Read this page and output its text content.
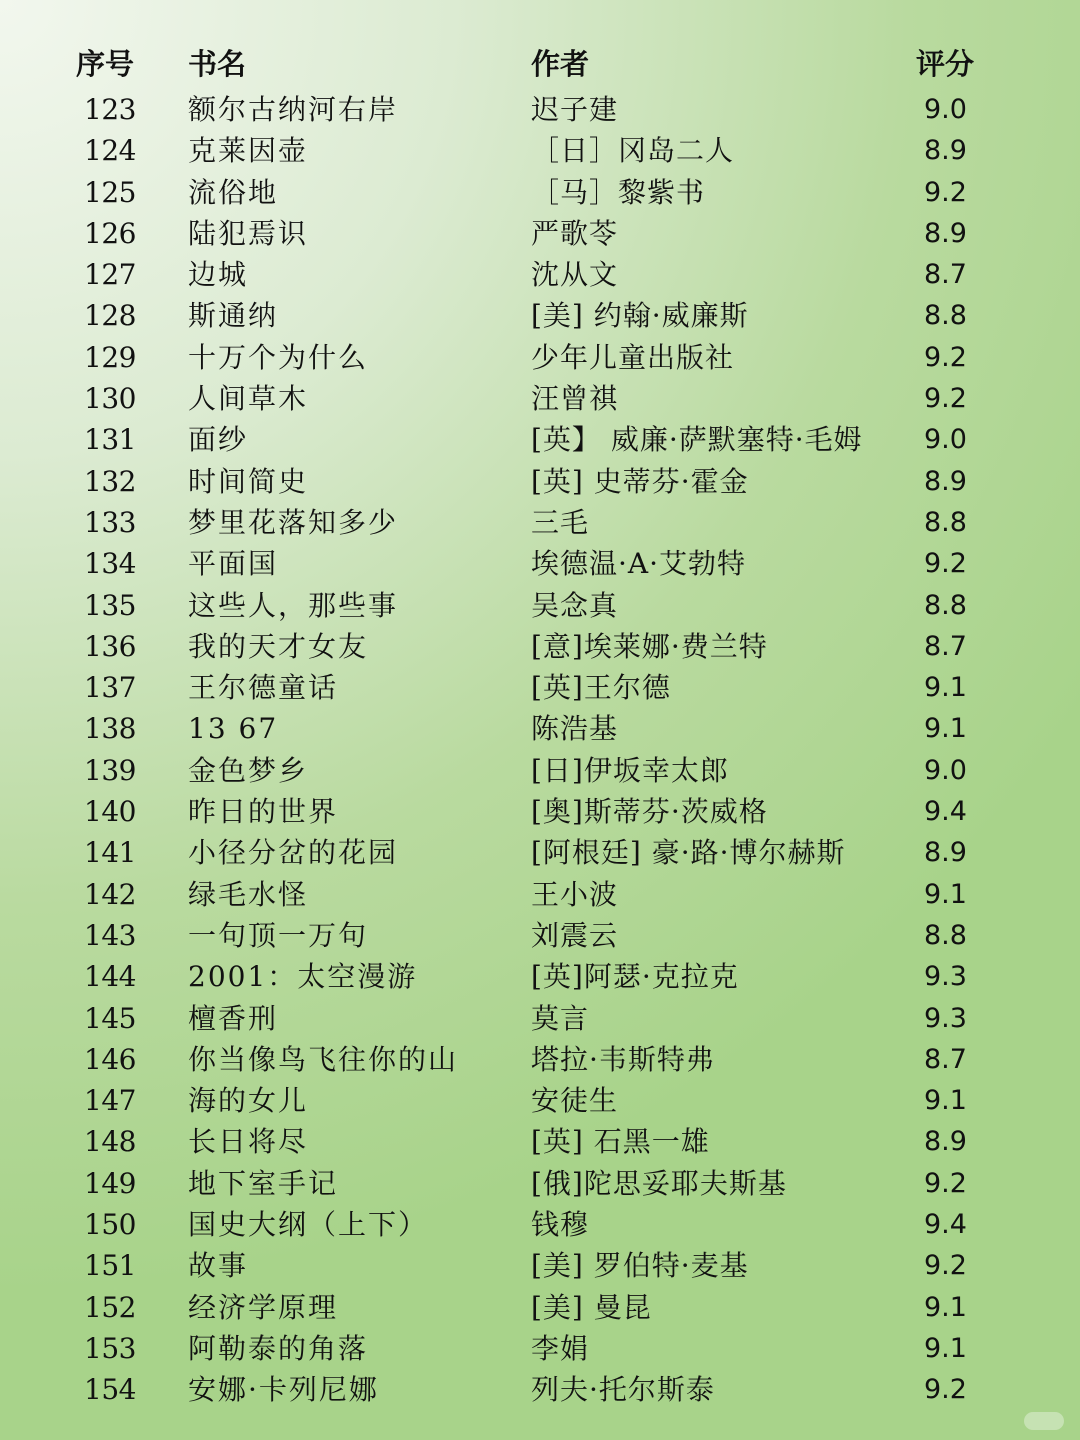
序号 书名	作者	评分
123 额尔古纳河右岸	迟子建	9.0
124 克莱因壶	［日］冈岛二人	8.9
125 流俗地	［马］黎紫书	9.2
126 陆犯焉识	严歌苓	8.9
127 边城	沈从文	8.7
128 斯通纳	[美] 约翰·威廉斯	8.8
129 十万个为什么	少年儿童出版社	9.2
130 人间草木	汪曾祺	9.2
131 面纱	[英】 威廉·萨默塞特·毛姆 9.0
132 时间简史	[英] 史蒂芬·霍金	8.9
133 梦里花落知多少	三毛	8.8
134 平面国	埃德温·A·艾勃特	9.2
135 这些人，那些事	吴念真	8.8
136 我的天才女友	[意]埃莱娜·费兰特	8.7
137 王尔德童话	[英]王尔德	9.1
138 13 67	陈浩基	9.1
139 金色梦乡	[日]伊坂幸太郎	9.0
140 昨日的世界	[奥]斯蒂芬·茨威格	9.4
141 小径分岔的花园	[阿根廷] 豪·路·博尔赫斯	8.9
142 绿毛水怪	王小波	9.1
143 一句顶一万句	刘震云	8.8
144 2001：太空漫游	[英]阿瑟·克拉克	9.3
145 檀香刑	莫言	9.3
146 你当像鸟飞往你的山	塔拉·韦斯特弗	8.7
147 海的女儿	安徒生	9.1
148 长日将尽	[英] 石黑一雄	8.9
149 地下室手记	[俄]陀思妥耶夫斯基	9.2
150 国史大纲（上下）	钱穆	9.4
151 故事	[美] 罗伯特·麦基	9.2
152 经济学原理	[美] 曼昆	9.1
153 阿勒泰的角落	李娟	9.1
154 安娜·卡列尼娜	列夫·托尔斯泰	9.2
